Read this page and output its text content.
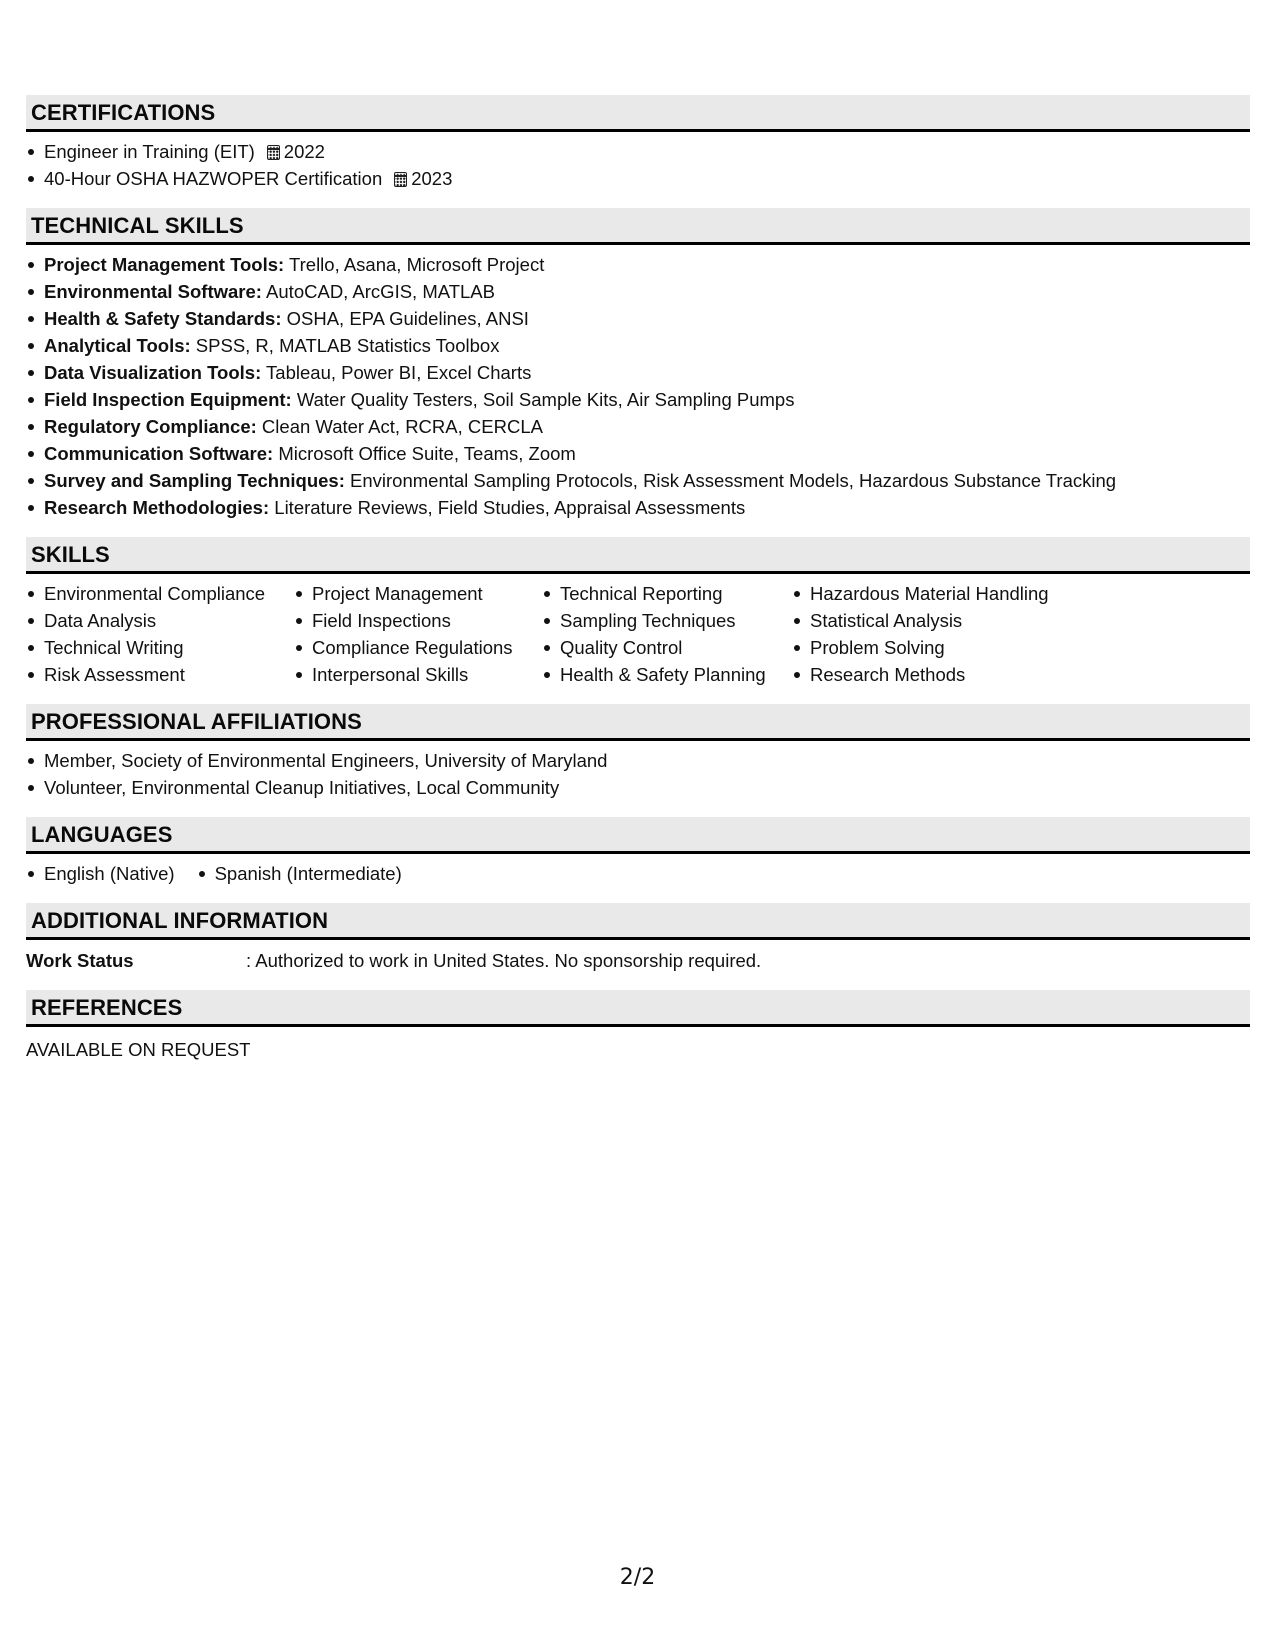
CERTIFICATIONS
Engineer in Training (EIT) 2022
40-Hour OSHA HAZWOPER Certification 2023
TECHNICAL SKILLS
Project Management Tools: Trello, Asana, Microsoft Project
Environmental Software: AutoCAD, ArcGIS, MATLAB
Health & Safety Standards: OSHA, EPA Guidelines, ANSI
Analytical Tools: SPSS, R, MATLAB Statistics Toolbox
Data Visualization Tools: Tableau, Power BI, Excel Charts
Field Inspection Equipment: Water Quality Testers, Soil Sample Kits, Air Sampling Pumps
Regulatory Compliance: Clean Water Act, RCRA, CERCLA
Communication Software: Microsoft Office Suite, Teams, Zoom
Survey and Sampling Techniques: Environmental Sampling Protocols, Risk Assessment Models, Hazardous Substance Tracking
Research Methodologies: Literature Reviews, Field Studies, Appraisal Assessments
SKILLS
Environmental Compliance
Data Analysis
Technical Writing
Risk Assessment
Project Management
Field Inspections
Compliance Regulations
Interpersonal Skills
Technical Reporting
Sampling Techniques
Quality Control
Health & Safety Planning
Hazardous Material Handling
Statistical Analysis
Problem Solving
Research Methods
PROFESSIONAL AFFILIATIONS
Member, Society of Environmental Engineers, University of Maryland
Volunteer, Environmental Cleanup Initiatives, Local Community
LANGUAGES
English (Native)	Spanish (Intermediate)
ADDITIONAL INFORMATION
Work Status	: Authorized to work in United States. No sponsorship required.
REFERENCES
AVAILABLE ON REQUEST
2/2
